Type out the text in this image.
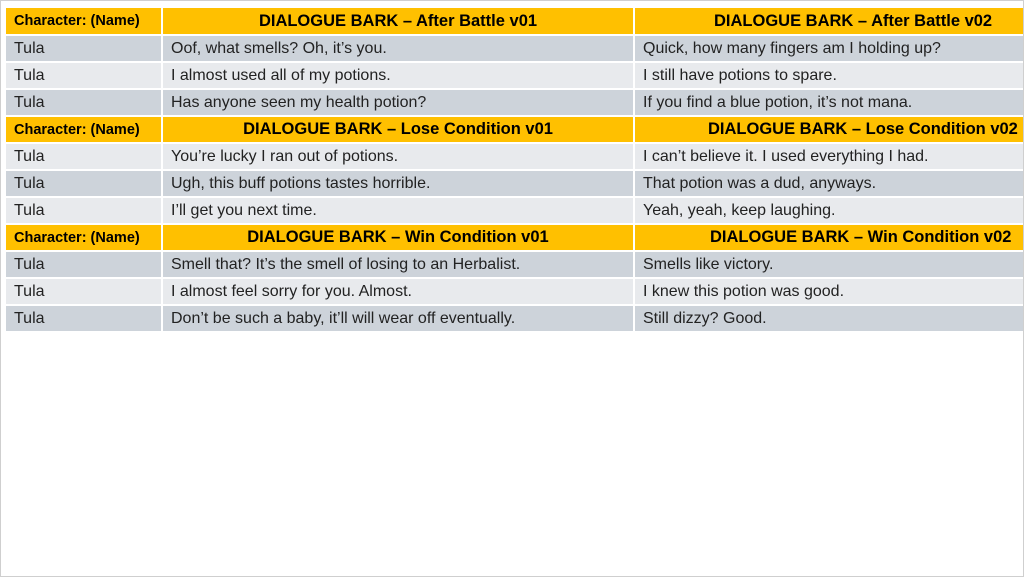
Character: (Name)	DIALOGUE BARK – After Battle v01	DIALOGUE BARK – After Battle v02
Tula	Oof, what smells? Oh, it’s you.	Quick, how many fingers am I holding up?
Tula	I almost used all of my potions.	I still have potions to spare.
Tula	Has anyone seen my health potion?	If you find a blue potion, it’s not mana.
Character: (Name)	DIALOGUE BARK – Lose Condition v01	DIALOGUE BARK – Lose Condition v02
Tula	You’re lucky I ran out of potions.	I can’t believe it. I used everything I had.
Tula	Ugh, this buff potions tastes horrible.	That potion was a dud, anyways.
Tula	I’ll get you next time.	Yeah, yeah, keep laughing.
Character: (Name)	DIALOGUE BARK – Win Condition v01	DIALOGUE BARK – Win Condition v02
Tula	Smell that? It’s the smell of losing to an Herbalist.	Smells like victory.
Tula	I almost feel sorry for you. Almost.	I knew this potion was good.
Tula	Don’t be such a baby, it’ll will wear off eventually.	Still dizzy? Good.
